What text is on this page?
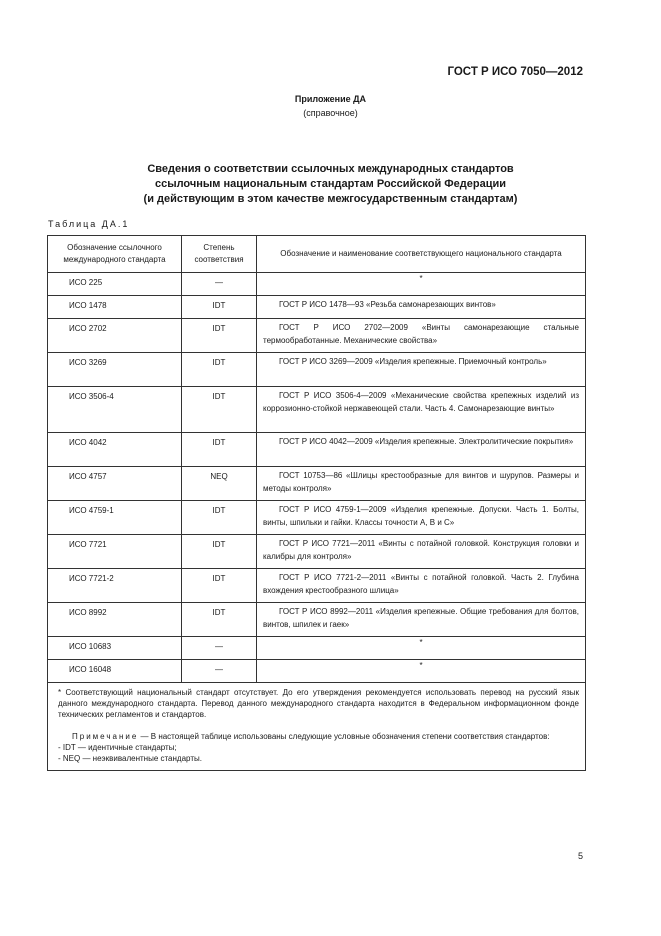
ГОСТ Р ИСО 7050—2012
Приложение ДА
(справочное)
Сведения о соответствии ссылочных международных стандартов
ссылочным национальным стандартам Российской Федерации
(и действующим в этом качестве межгосударственным стандартам)
Таблица ДА.1
Обозначение ссылочного международного стандарта	Степень соответствия	Обозначение и наименование соответствующего национального стандарта
ИСО 225	—	*
ИСО 1478	IDT	ГОСТ Р ИСО 1478—93 «Резьба самонарезающих винтов»
ИСО 2702	IDT	ГОСТ Р ИСО 2702—2009 «Винты самонарезающие стальные термообработанные. Механические свойства»
ИСО 3269	IDT	ГОСТ Р ИСО 3269—2009 «Изделия крепежные. Приемочный контроль»
ИСО 3506-4	IDT	ГОСТ Р ИСО 3506-4—2009 «Механические свойства крепежных изделий из коррозионно-стойкой нержавеющей стали. Часть 4. Самонарезающие винты»
ИСО 4042	IDT	ГОСТ Р ИСО 4042—2009 «Изделия крепежные. Электролитические покрытия»
ИСО 4757	NEQ	ГОСТ 10753—86 «Шлицы крестообразные для винтов и шурупов. Размеры и методы контроля»
ИСО 4759-1	IDT	ГОСТ Р ИСО 4759-1—2009 «Изделия крепежные. Допуски. Часть 1. Болты, винты, шпильки и гайки. Классы точности А, В и С»
ИСО 7721	IDT	ГОСТ Р ИСО 7721—2011 «Винты с потайной головкой. Конструкция головки и калибры для контроля»
ИСО 7721-2	IDT	ГОСТ Р ИСО 7721-2—2011 «Винты с потайной головкой. Часть 2. Глубина вхождения крестообразного шлица»
ИСО 8992	IDT	ГОСТ Р ИСО 8992—2011 «Изделия крепежные. Общие требования для болтов, винтов, шпилек и гаек»
ИСО 10683	—	*
ИСО 16048	—	*

* Соответствующий национальный стандарт отсутствует. До его утверждения рекомендуется использовать перевод на русский язык данного международного стандарта. Перевод данного международного стандарта находится в Федеральном информационном фонде технических регламентов и стандартов.
Примечание — В настоящей таблице использованы следующие условные обозначения степени соответствия стандартов:
- IDT — идентичные стандарты;
- NEQ — неэквивалентные стандарты.		
5
